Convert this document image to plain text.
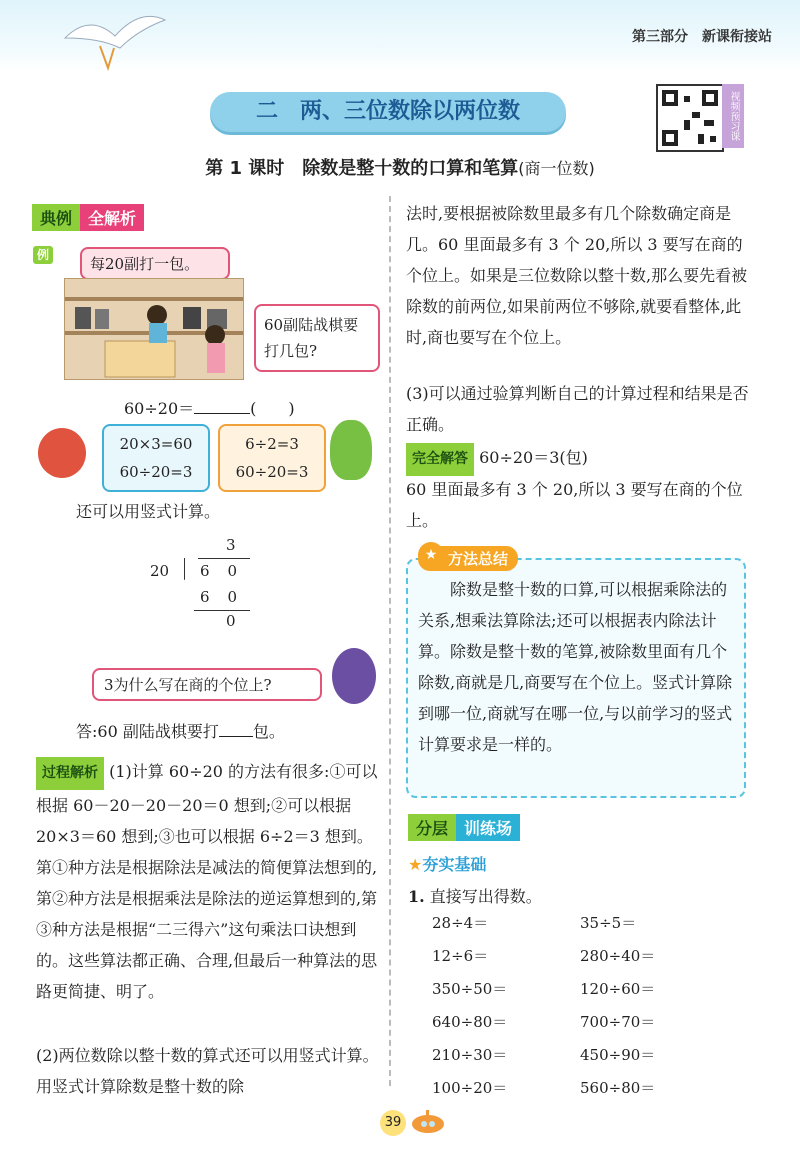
第三部分 新课衔接站
二　两、三位数除以两位数	视频预习课
第 1 课时　除数是整十数的口算和笔算(商一位数)
典例 全解析
例	每20副打一包。
60副陆战棋要打几包?
60÷20＝	(　　)
20×3=60
60÷20=3
6÷2=3
60÷20=3
还可以用竖式计算。
3
20 60
60
0
3为什么写在商的个位上?
答:60 副陆战棋要打 包。
过程解析 (1)计算 60÷20 的方法有很多:①可以根据 60－20－20－20＝0 想到;②可以根据 20×3＝60 想到;③也可以根据 6÷2＝3 想到。第①种方法是根据除法是减法的简便算法想到的,第②种方法是根据乘法是除法的逆运算想到的,第③种方法是根据“二三得六”这句乘法口诀想到的。这些算法都正确、合理,但最后一种算法的思路更简捷、明了。
(2)两位数除以整十数的算式还可以用竖式计算。用竖式计算除数是整十数的除
法时,要根据被除数里最多有几个除数确定商是几。60 里面最多有 3 个 20,所以 3 要写在商的个位上。如果是三位数除以整十数,那么要先看被除数的前两位,如果前两位不够除,就要看整体,此时,商也要写在个位上。
(3)可以通过验算判断自己的计算过程和结果是否正确。
完全解答 60÷20＝3(包)
60 里面最多有 3 个 20,所以 3 要写在商的个位上。
方法总结
★
除数是整十数的口算,可以根据乘除法的关系,想乘法算除法;还可以根据表内除法计算。除数是整十数的笔算,被除数里面有几个除数,商就是几,商要写在个位上。竖式计算除到哪一位,商就写在哪一位,与以前学习的竖式计算要求是一样的。
分层 训练场
★夯实基础
1. 直接写出得数。
28÷4＝	35÷5＝
12÷6＝	280÷40＝
350÷50＝	120÷60＝
640÷80＝	700÷70＝
210÷30＝	450÷90＝
100÷20＝	560÷80＝
39
